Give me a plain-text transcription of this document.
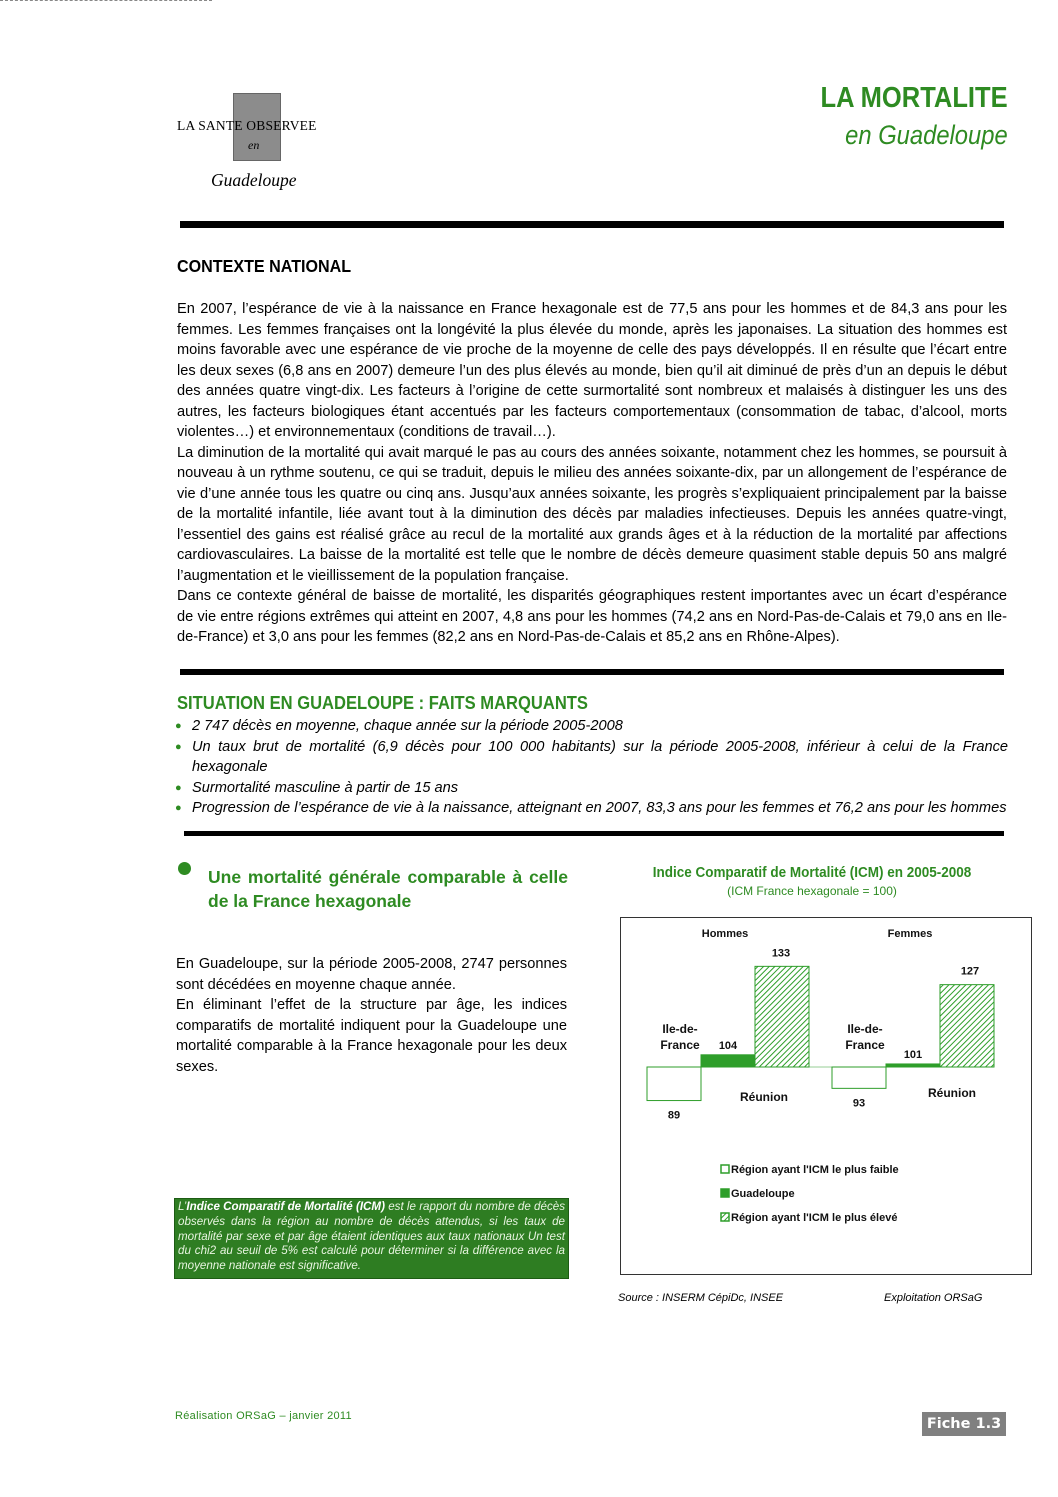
LA SANTE OBSERVEE
en
Guadeloupe
LA MORTALITE
en Guadeloupe
CONTEXTE NATIONAL

En 2007, l’espérance de vie à la naissance en France hexagonale est de 77,5 ans pour les hommes et de 84,3 ans pour les femmes. Les femmes françaises ont la longévité la plus élevée du monde, après les japonaises. La situation des hommes est moins favorable avec une espérance de vie proche de la moyenne de celle des pays développés. Il en résulte que l’écart entre les deux sexes (6,8 ans en 2007) demeure l’un des plus élevés au monde, bien qu’il ait diminué de près d’un an depuis le début des années quatre vingt-dix. Les facteurs à l’origine de cette surmortalité sont nombreux et malaisés à distinguer les uns des autres, les facteurs biologiques étant accentués par les facteurs comportementaux (consommation de tabac, d’alcool, morts violentes…) et environnementaux (conditions de travail…).

La diminution de la mortalité qui avait marqué le pas au cours des années soixante, notamment chez les hommes, se poursuit à nouveau à un rythme soutenu, ce qui se traduit, depuis le milieu des années soixante-dix, par un allongement de l’espérance de vie d’une année tous les quatre ou cinq ans. Jusqu’aux années soixante, les progrès s’expliquaient principalement par la baisse de la mortalité infantile, liée avant tout à la diminution des décès par maladies infectieuses. Depuis les années quatre-vingt, l’essentiel des gains est réalisé grâce au recul de la mortalité aux grands âges et à la réduction de la mortalité par affections cardiovasculaires. La baisse de la mortalité est telle que le nombre de décès demeure quasiment stable depuis 50 ans malgré l’augmentation et le vieillissement de la population française.

Dans ce contexte général de baisse de mortalité, les disparités géographiques restent importantes avec un écart d’espérance de vie entre régions extrêmes qui atteint en 2007, 4,8 ans pour les hommes (74,2 ans en Nord-Pas-de-Calais et 79,0 ans en Ile-de-France) et 3,0 ans pour les femmes (82,2 ans en Nord-Pas-de-Calais et 85,2 ans en Rhône-Alpes).

SITUATION EN GUADELOUPE : FAITS MARQUANTS
● 2 747 décès en moyenne, chaque année sur la période 2005-2008
● Un taux brut de mortalité (6,9 décès pour 100 000 habitants) sur la période 2005-2008, inférieur à celui de la France hexagonale
● Surmortalité masculine à partir de 15 ans
● Progression de l’espérance de vie à la naissance, atteignant en 2007, 83,3 ans pour les femmes et 76,2 ans pour les hommes
Une mortalité générale comparable à celle de la France hexagonale

En Guadeloupe, sur la période 2005-2008, 2747 personnes sont décédées en moyenne chaque année.

En éliminant l’effet de la structure par âge, les indices comparatifs de mortalité indiquent pour la Guadeloupe une mortalité comparable à la France hexagonale pour les deux sexes.

L’Indice Comparatif de Mortalité (ICM) est le rapport du nombre de décès observés dans la région au nombre de décès attendus, si les taux de mortalité par sexe et par âge étaient identiques aux taux nationaux Un test du chi2 au seuil de 5% est calculé pour déterminer si la différence avec la moyenne nationale est significative.
Indice Comparatif de Mortalité (ICM) en 2005-2008
(ICM France hexagonale = 100)
Hommes
89
Ile-de-France 104
133
Réunion
Femmes
93
Ile-de-France
101
127
Réunion
Région ayant l'ICM le plus faible
Guadeloupe
Région ayant l'ICM le plus élevé
Source : INSERM CépiDc, INSEE	Exploitation ORSaG
Réalisation ORSaG – janvier 2011	Fiche 1.3
